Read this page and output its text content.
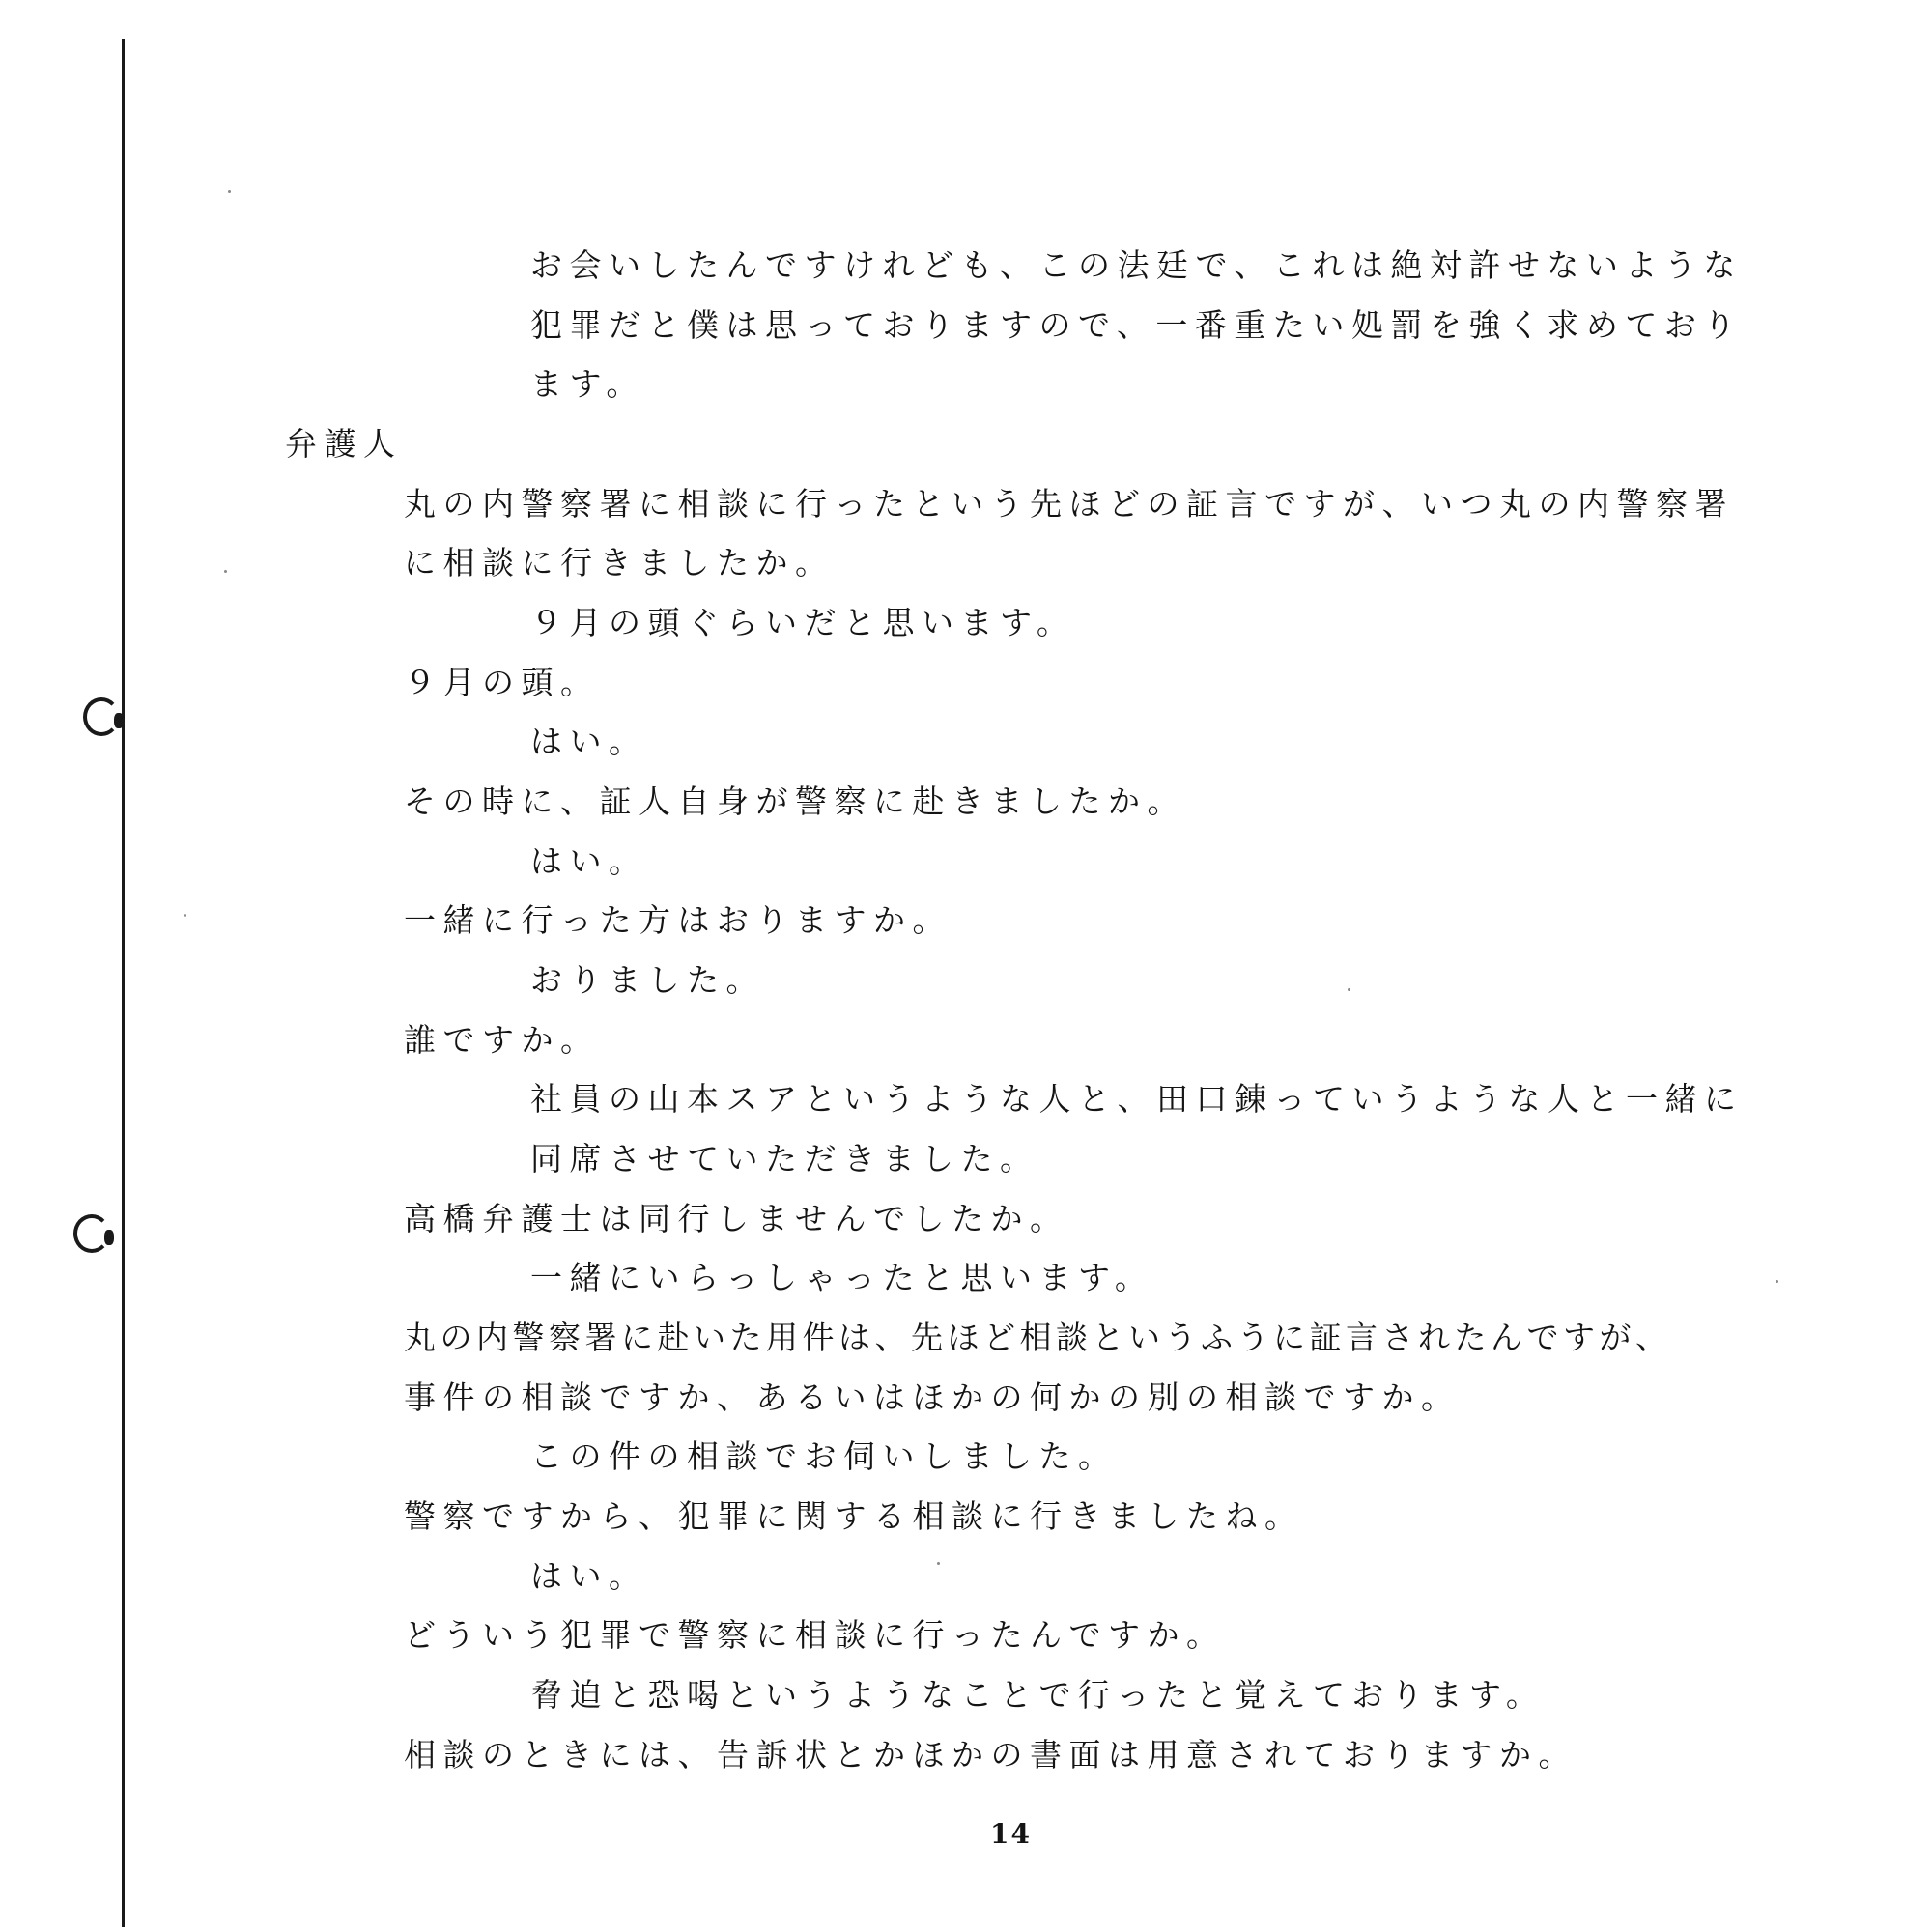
お会いしたんですけれども、この法廷で、これは絶対許せないような
犯罪だと僕は思っておりますので、一番重たい処罰を強く求めており
ます。
弁護人
丸の内警察署に相談に行ったという先ほどの証言ですが、いつ丸の内警察署
に相談に行きましたか。
９月の頭ぐらいだと思います。
９月の頭。
はい。
その時に、証人自身が警察に赴きましたか。
はい。
一緒に行った方はおりますか。
おりました。
誰ですか。
社員の山本スアというような人と、田口錬っていうような人と一緒に
同席させていただきました。
高橋弁護士は同行しませんでしたか。
一緒にいらっしゃったと思います。
丸の内警察署に赴いた用件は、先ほど相談というふうに証言されたんですが、
事件の相談ですか、あるいはほかの何かの別の相談ですか。
この件の相談でお伺いしました。
警察ですから、犯罪に関する相談に行きましたね。
はい。
どういう犯罪で警察に相談に行ったんですか。
脅迫と恐喝というようなことで行ったと覚えております。
相談のときには、告訴状とかほかの書面は用意されておりますか。
14
